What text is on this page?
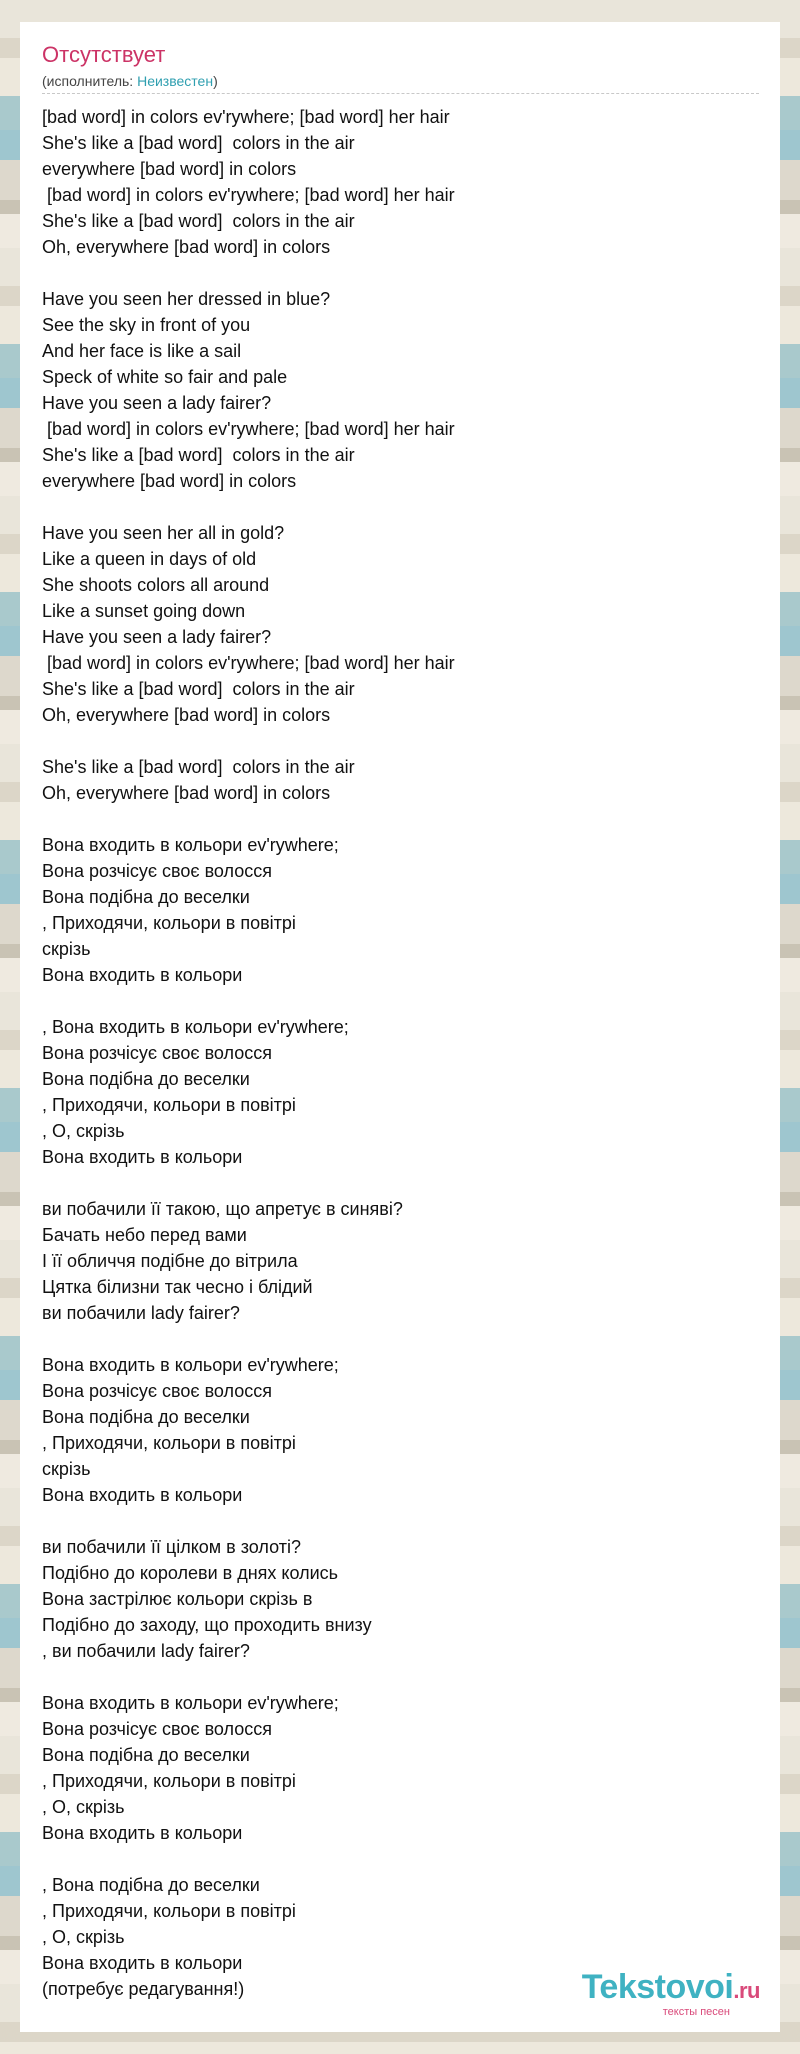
Отсутствует
(исполнитель: Неизвестен)
[bad word] in colors ev'rywhere; [bad word] her hair
She's like a [bad word]  colors in the air
everywhere [bad word] in colors
[bad word] in colors ev'rywhere; [bad word] her hair
She's like a [bad word]  colors in the air
Oh, everywhere [bad word] in colors
Have you seen her dressed in blue?
See the sky in front of you
And her face is like a sail
Speck of white so fair and pale
Have you seen a lady fairer?
[bad word] in colors ev'rywhere; [bad word] her hair
She's like a [bad word]  colors in the air
everywhere [bad word] in colors
Have you seen her all in gold?
Like a queen in days of old
She shoots colors all around
Like a sunset going down
Have you seen a lady fairer?
[bad word] in colors ev'rywhere; [bad word] her hair
She's like a [bad word]  colors in the air
Oh, everywhere [bad word] in colors
She's like a [bad word]  colors in the air
Oh, everywhere [bad word] in colors
Вона входить в кольори ev'rywhere;
Вона розчісує своє волосся
Вона подібна до веселки
, Приходячи, кольори в повітрі
скрізь
Вона входить в кольори
, Вона входить в кольори ev'rywhere;
Вона розчісує своє волосся
Вона подібна до веселки
, Приходячи, кольори в повітрі
, О, скрізь
Вона входить в кольори
ви побачили її такою, що апретує в синяві?
Бачать небо перед вами
І її обличчя подібне до вітрила
Цятка білизни так чесно і блідий
ви побачили lady fairer?
Вона входить в кольори ev'rywhere;
Вона розчісує своє волосся
Вона подібна до веселки
, Приходячи, кольори в повітрі
скрізь
Вона входить в кольори
ви побачили її цілком в золоті?
Подібно до королеви в днях колись
Вона застрілює кольори скрізь в
Подібно до заходу, що проходить внизу
, ви побачили lady fairer?
Вона входить в кольори ev'rywhere;
Вона розчісує своє волосся
Вона подібна до веселки
, Приходячи, кольори в повітрі
, О, скрізь
Вона входить в кольори
, Вона подібна до веселки
, Приходячи, кольори в повітрі
, О, скрізь
Вона входить в кольори
(потребує редагування!)	Tekstovoi.ru
тексты песен
